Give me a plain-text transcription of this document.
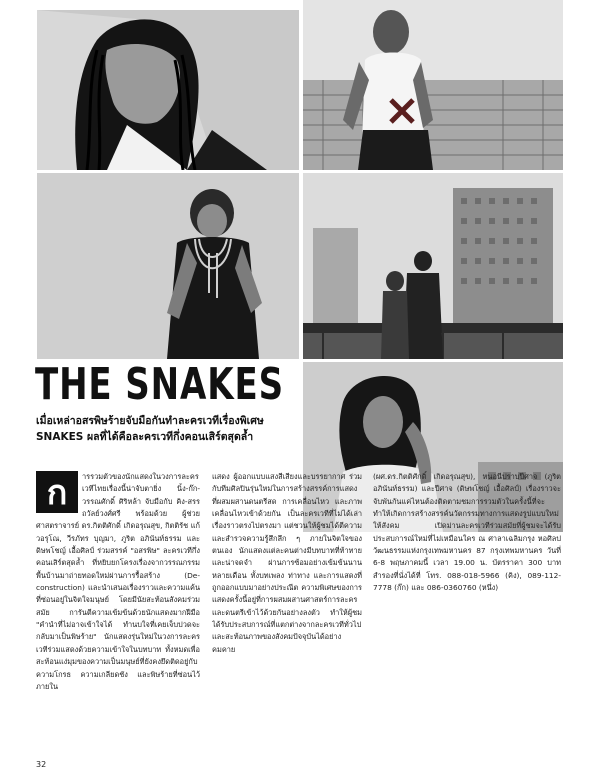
THE SNAKES

เมื่อเหล่าอสรพิษร้ายจับมือกันทำละครเวทีเรื่องพิเศษ SNAKES ผลที่ได้คือละครเวทีกึ่งคอนเสิร์ตสุดล้ำ

ก	ารรวมตัวของนักแสดงในวงการละครเวทีไทยเรื่องนี้น่าจับตายิ่ง นิ้ง-ก๊ก-วรรณศักดิ์ ศิริหล้า จับมือกับ คิง-สรร ถวัลย์วงศ์ศรี พร้อมด้วย ผู้ช่วยศาสตราจารย์ ดร.กิตติศักดิ์ เกิดอรุณสุข, กิตติรัช แก้วอรุโณ, วีรภัทร บุญมา, ภูริต อภินันท์ธรรม และ ดิษพโชญ์ เอื้อศิลป์ ร่วมสรรค์ "อสรพิษ" ละครเวทีกึ่งคอนเสิร์ตสุดล้ำ ที่หยิบยกโครงเรื่องจากวรรณกรรมพื้นบ้านมาถ่ายทอดใหม่ผ่านการรื้อสร้าง (De-construction) และนำเสนอเรื่องราวและความแค้นที่ซ่อนอยู่ในจิตใจมนุษย์ โดยมีนัยสะท้อนสังคมร่วมสมัย การันตีความเข้มข้นด้วยนักแสดงมากฝีมือ "คำนำที่ไม่อาจเข้าใจได้ ทำนบใจที่เคยเจ็บปวดจะกลับมาเป็นพิษร้าย" นักแสดงรุ่นใหม่ในวงการละครเวทีร่วมแสดงด้วยความเข้าใจในบทบาท ทั้งหมดเพื่อสะท้อนแง่มุมของความเป็นมนุษย์ที่ยังคงยึดติดอยู่กับความโกรธ ความเกลียดชัง และพิษร้ายที่ซ่อนไว้ภายใน

แสดง ผู้ออกแบบแสงสีเสียงและบรรยากาศ ร่วมกับทีมศิลปินรุ่นใหม่ในการสร้างสรรค์การแสดงที่ผสมผสานดนตรีสด การเคลื่อนไหว และภาพเคลื่อนไหวเข้าด้วยกัน เป็นละครเวทีที่ไม่ได้เล่าเรื่องราวตรงไปตรงมา แต่ชวนให้ผู้ชมได้ตีความและสำรวจความรู้สึกลึก ๆ ภายในจิตใจของตนเอง นักแสดงแต่ละคนต่างมีบทบาทที่ท้าทายและน่าจดจำ ผ่านการซ้อมอย่างเข้มข้นนานหลายเดือน ทั้งบทเพลง ท่าทาง และการแสดงที่ถูกออกแบบมาอย่างประณีต ความพิเศษของการแสดงครั้งนี้อยู่ที่การผสมผสานศาสตร์การละครและดนตรีเข้าไว้ด้วยกันอย่างลงตัว ทำให้ผู้ชมได้รับประสบการณ์ที่แตกต่างจากละครเวทีทั่วไป และสะท้อนภาพของสังคมปัจจุบันได้อย่างคมคาย

(ผศ.ดร.กิตติศักดิ์ เกิดอรุณสุข), หนอนีปราบปีศาจ (ภูริต อภินันท์ธรรม) และปีศาจ (ดิษพโชญ์ เอื้อศิลป์) เรื่องราวจะจับพันกันแค่ไหนต้องติดตามชมการรวมตัวในครั้งนี้ที่จะทำให้เกิดการสร้างสรรค์นวัตกรรมทางการแสดงรูปแบบใหม่ให้สังคม เปิดม่านละครเวทีร่วมสมัยที่ผู้ชมจะได้รับประสบการณ์ใหม่ที่ไม่เหมือนใคร ณ ศาลาเฉลิมกรุง หอศิลปวัฒนธรรมแห่งกรุงเทพมหานคร 87 กรุงเทพมหานคร วันที่ 6-8 พฤษภาคมนี้ เวลา 19.00 น. บัตรราคา 300 บาท สำรองที่นั่งได้ที่ โทร. 088-018-5966 (คิง), 089-112-7778 (ก๊ก) และ 086-0360760 (หนึ่ง)

32
